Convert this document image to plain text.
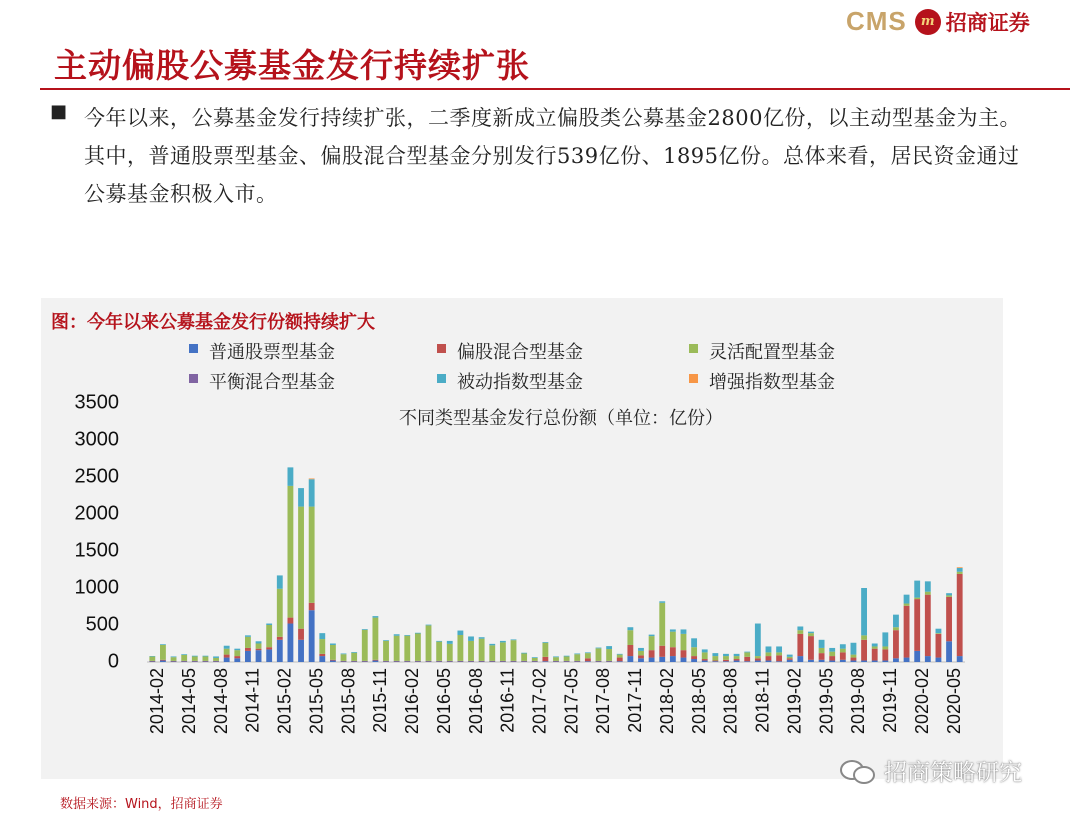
CMS	m 招商证券
主动偏股公募基金发行持续扩张
■ 今年以来，公募基金发行持续扩张，二季度新成立偏股类公募基金2800亿份，以主动型基金为主。其中，普通股票型基金、偏股混合型基金分别发行539亿份、1895亿份。总体来看，居民资金通过公募基金积极入市。
图：今年以来公募基金发行份额持续扩大
普通股票型基金	偏股混合型基金	灵活配置型基金
平衡混合型基金	被动指数型基金	增强指数型基金
不同类型基金发行总份额（单位：亿份）
0
500
1000
1500
2000
2500
3000
3500
2014-02 2014-05 2014-08 2014-11 2015-02 2015-05 2015-08 2015-11 2016-02 2016-05 2016-08 2016-11 2017-02 2017-05 2017-08 2017-11 2018-02 2018-05 2018-08 2018-11 2019-02 2019-05 2019-08 2019-11 2020-02 2020-05
数据来源：Wind，招商证券
招商策略研究
